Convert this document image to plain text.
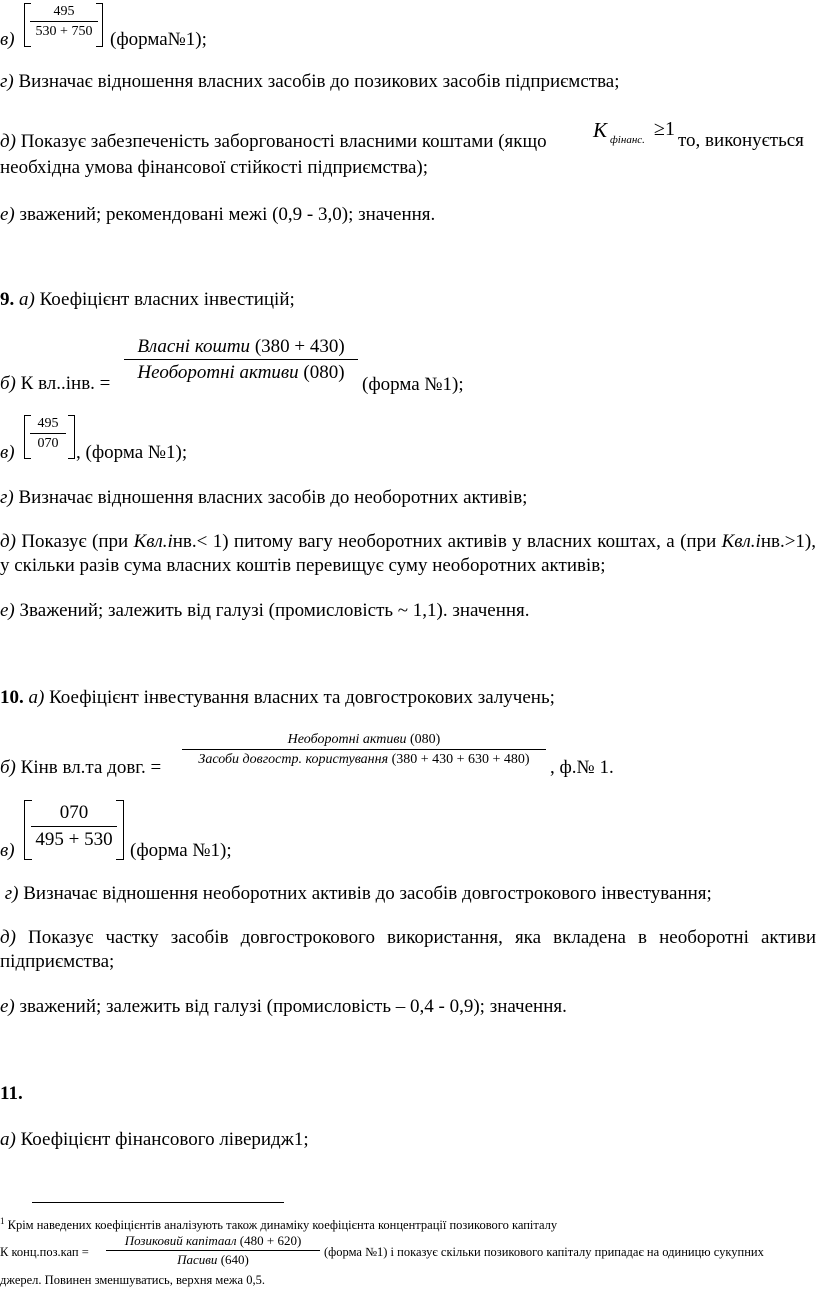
в)
495
530 + 750 (форма№1);
г) Визначає відношення власних засобів до позикових засобів підприємства;
д) Показує забезпеченість заборгованості власними коштами (якщо	К фінанс. ≥1
то, виконується
необхідна умова фінансової стійкості підприємства);
е) зважений; рекомендовані межі (0,9 - 3,0); значення.
9. а) Коефіцієнт власних інвестицій;
б) К вл..інв. =
Власні кошти (380 + 430)
Необоротні активи (080)
(форма №1);
в)
495
070 , (форма №1);
г) Визначає відношення власних засобів до необоротних активів;
д) Показує (при Квл.інв.< 1) питому вагу необоротних активів у власних коштах, а (при Квл.інв.>1), у скільки разів сума власних коштів перевищує суму необоротних активів;
е) Зважений; залежить від галузі (промисловість ~ 1,1). значення.
10. а) Коефіцієнт інвестування власних та довгострокових залучень;
б) Кінв вл.та довг. =
Необоротні активи (080)
Засоби довгостр. користування (380 + 430 + 630 + 480)	, ф.№ 1.
в)
070
495 + 530
(форма №1);
г) Визначає відношення необоротних активів до засобів довгострокового інвестування;
д) Показує частку засобів довгострокового використання, яка вкладена в необоротні активи підприємства;
е) зважений; залежить від галузі (промисловість – 0,4 - 0,9); значення.
11.
а) Коефіцієнт фінансового ліверидж1;
$^1$ Крім наведених коефіцієнтів аналізують також динаміку коефіцієнта концентрації позикового капіталу
К конц.поз.кап =
Позиковий капітаал (480 + 620)
Пасиви (640)	(форма №1) і показує скільки позикового капіталу припадає на одиницю сукупних
джерел. Повинен зменшуватись, верхня межа 0,5.
